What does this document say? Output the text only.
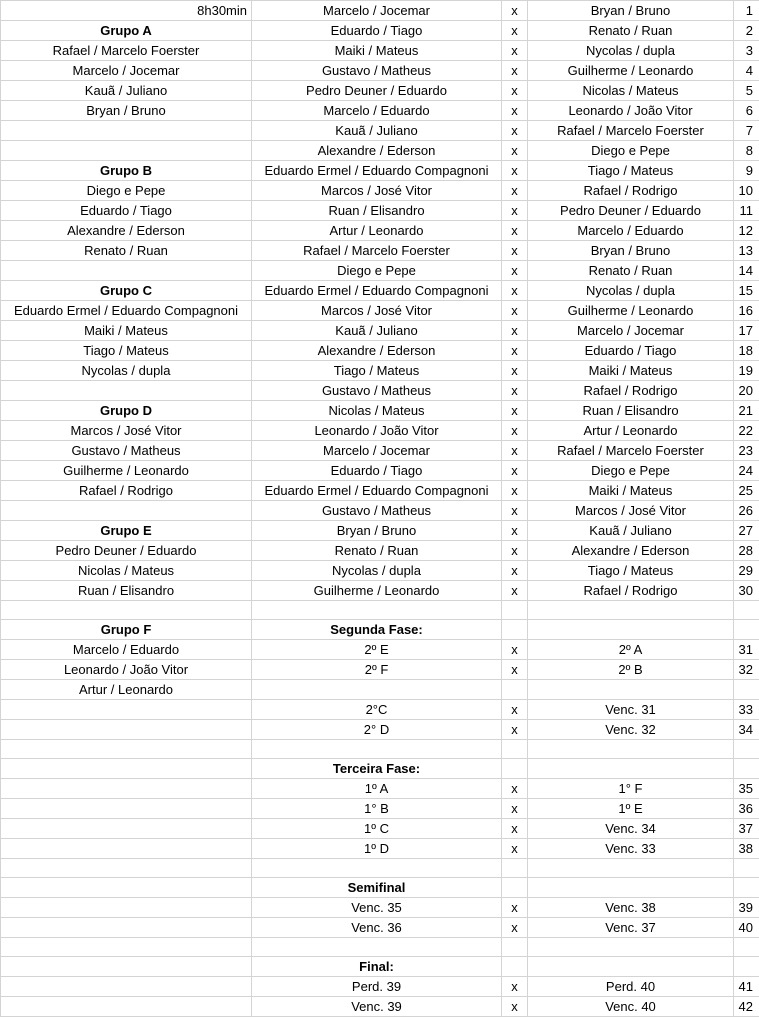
8h30min	Marcelo / Jocemar	x	Bryan / Bruno	1
Grupo A	Eduardo / Tiago	x	Renato / Ruan	2
Rafael / Marcelo Foerster	Maiki / Mateus	x	Nycolas / dupla	3
Marcelo / Jocemar	Gustavo / Matheus	x	Guilherme / Leonardo	4
Kauã / Juliano	Pedro Deuner / Eduardo	x	Nicolas / Mateus	5
Bryan / Bruno	Marcelo / Eduardo	x	Leonardo / João Vitor	6
	Kauã / Juliano	x	Rafael / Marcelo Foerster	7
	Alexandre / Ederson	x	Diego e Pepe	8
Grupo B	Eduardo Ermel / Eduardo Compagnoni	x	Tiago / Mateus	9
Diego e Pepe	Marcos / José Vitor	x	Rafael / Rodrigo	10
Eduardo / Tiago	Ruan / Elisandro	x	Pedro Deuner / Eduardo	11
Alexandre / Ederson	Artur / Leonardo	x	Marcelo / Eduardo	12
Renato / Ruan	Rafael / Marcelo Foerster	x	Bryan / Bruno	13
	Diego e Pepe	x	Renato / Ruan	14
Grupo C	Eduardo Ermel / Eduardo Compagnoni	x	Nycolas / dupla	15
Eduardo Ermel / Eduardo Compagnoni	Marcos / José Vitor	x	Guilherme / Leonardo	16
Maiki / Mateus	Kauã / Juliano	x	Marcelo / Jocemar	17
Tiago / Mateus	Alexandre / Ederson	x	Eduardo / Tiago	18
Nycolas / dupla	Tiago / Mateus	x	Maiki / Mateus	19
	Gustavo / Matheus	x	Rafael / Rodrigo	20
Grupo D	Nicolas / Mateus	x	Ruan / Elisandro	21
Marcos / José Vitor	Leonardo / João Vitor	x	Artur / Leonardo	22
Gustavo / Matheus	Marcelo / Jocemar	x	Rafael / Marcelo Foerster	23
Guilherme / Leonardo	Eduardo / Tiago	x	Diego e Pepe	24
Rafael / Rodrigo	Eduardo Ermel / Eduardo Compagnoni	x	Maiki / Mateus	25
	Gustavo / Matheus	x	Marcos / José Vitor	26
Grupo E	Bryan / Bruno	x	Kauã / Juliano	27
Pedro Deuner / Eduardo	Renato / Ruan	x	Alexandre / Ederson	28
Nicolas / Mateus	Nycolas / dupla	x	Tiago / Mateus	29
Ruan / Elisandro	Guilherme / Leonardo	x	Rafael / Rodrigo	30

Grupo F	Segunda Fase:			
Marcelo / Eduardo	2º E	x	2º A	31
Leonardo / João Vitor	2º F	x	2º B	32
Artur / Leonardo				
	2°C	x	Venc. 31	33
	2° D	x	Venc. 32	34

	Terceira Fase:			
	1º A	x	1° F	35
	1° B	x	1º E	36
	1º C	x	Venc. 34	37
	1º D	x	Venc. 33	38

	Semifinal			
	Venc. 35	x	Venc. 38	39
	Venc. 36	x	Venc. 37	40

	Final:			
	Perd. 39	x	Perd. 40	41
	Venc. 39	x	Venc. 40	42
